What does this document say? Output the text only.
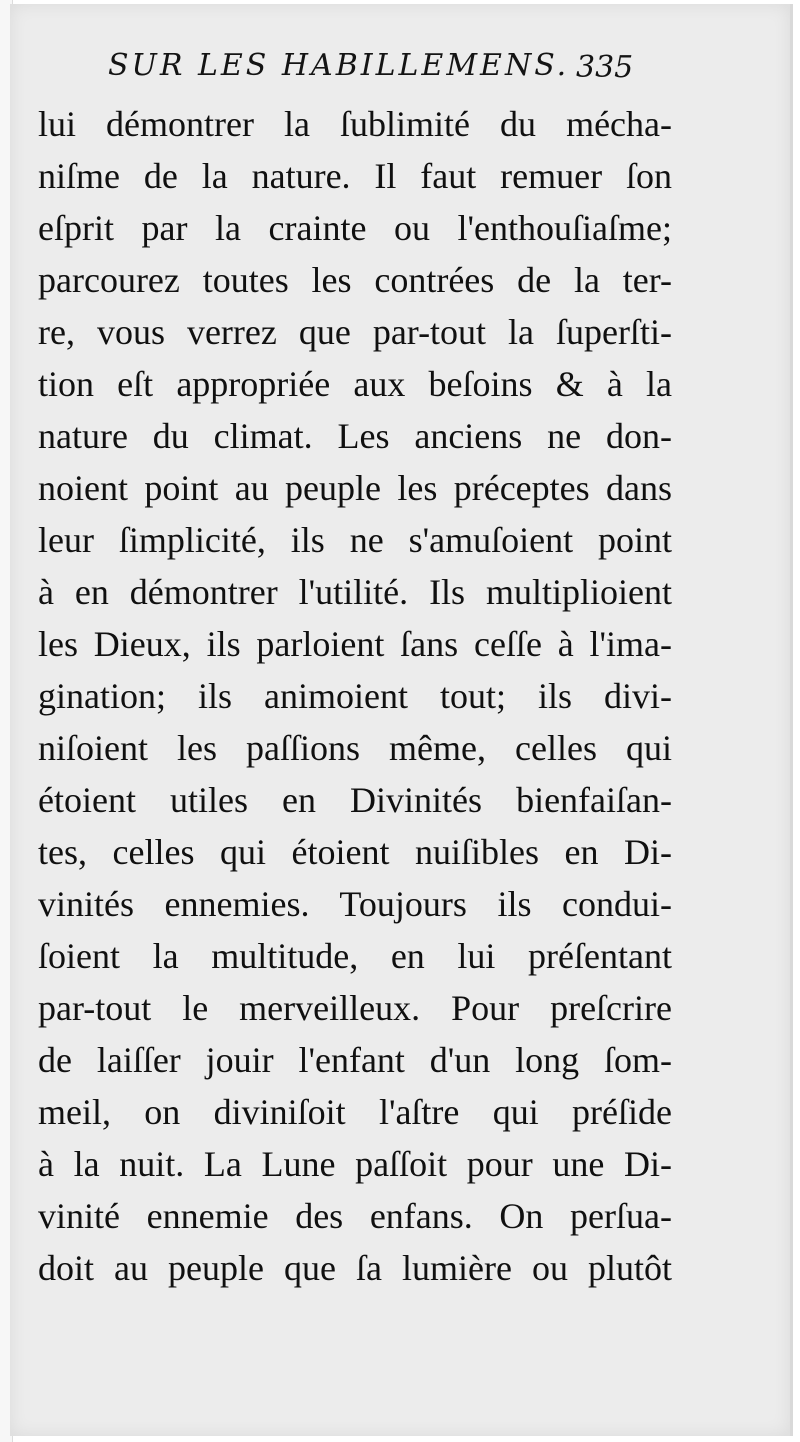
SUR LES HABILLEMENS. 335
lui démontrer la ſublimité du mécha-
niſme de la nature. Il faut remuer ſon
eſprit par la crainte ou l'enthouſiaſme;
parcourez toutes les contrées de la ter-
re, vous verrez que par-tout la ſuperſti-
tion eſt appropriée aux beſoins & à la
nature du climat. Les anciens ne don-
noient point au peuple les préceptes dans
leur ſimplicité, ils ne s'amuſoient point
à en démontrer l'utilité. Ils multiplioient
les Dieux, ils parloient ſans ceſſe à l'ima-
gination; ils animoient tout; ils divi-
niſoient les paſſions même, celles qui
étoient utiles en Divinités bienfaiſan-
tes, celles qui étoient nuiſibles en Di-
vinités ennemies. Toujours ils condui-
ſoient la multitude, en lui préſentant
par-tout le merveilleux. Pour preſcrire
de laiſſer jouir l'enfant d'un long ſom-
meil, on diviniſoit l'aſtre qui préſide
à la nuit. La Lune paſſoit pour une Di-
vinité ennemie des enfans. On perſua-
doit au peuple que ſa lumière ou plutôt
